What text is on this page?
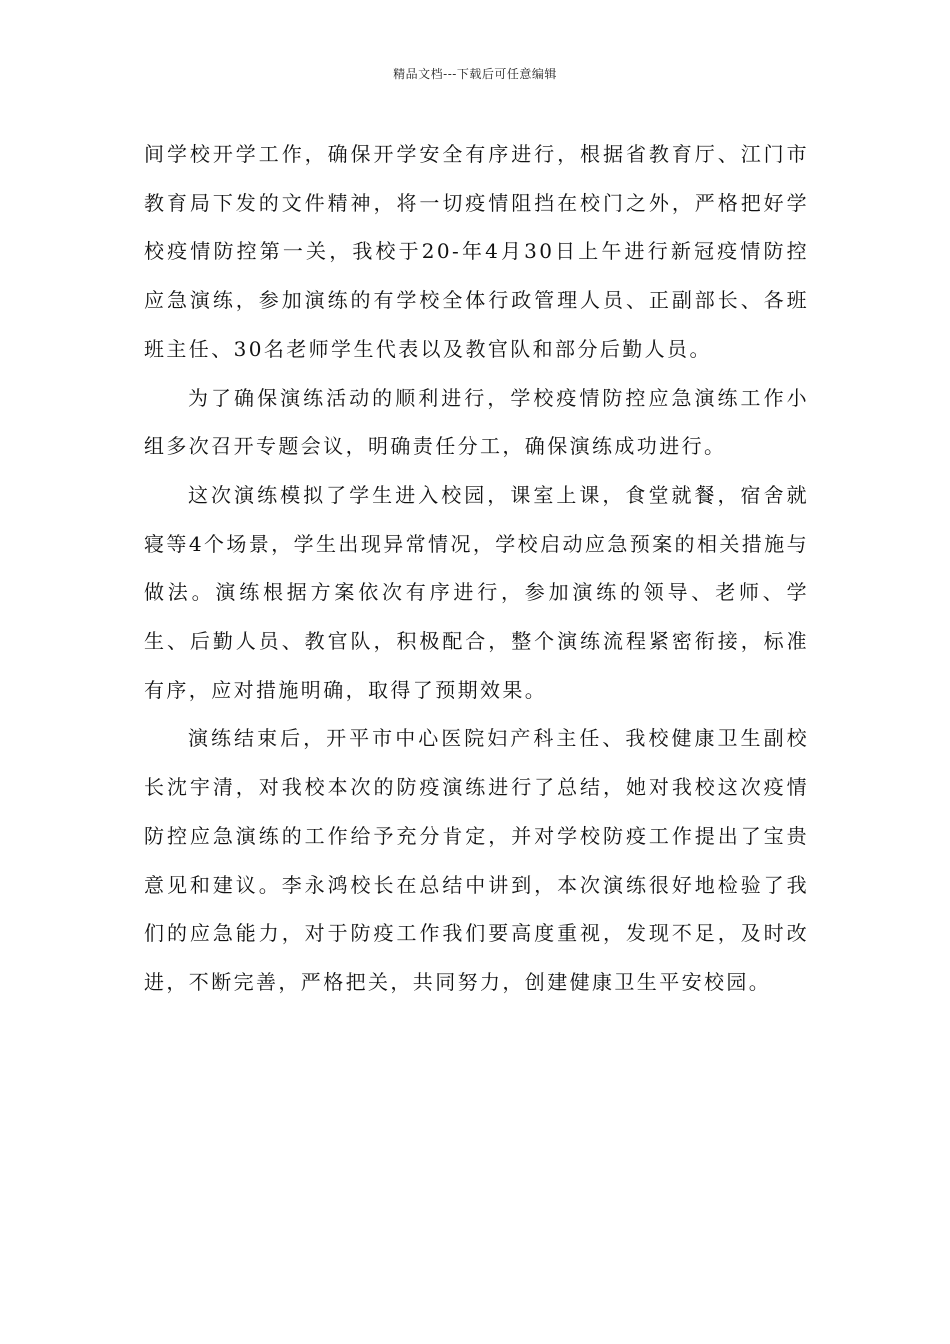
精品文档---下载后可任意编辑

间学校开学工作，确保开学安全有序进行，根据省教育厅、江门市教育局下发的文件精神，将一切疫情阻挡在校门之外，严格把好学校疫情防控第一关，我校于20-年4月30日上午进行新冠疫情防控应急演练，参加演练的有学校全体行政管理人员、正副部长、各班班主任、30名老师学生代表以及教官队和部分后勤人员。

为了确保演练活动的顺利进行，学校疫情防控应急演练工作小组多次召开专题会议，明确责任分工，确保演练成功进行。

这次演练模拟了学生进入校园，课室上课，食堂就餐，宿舍就寝等4个场景，学生出现异常情况，学校启动应急预案的相关措施与做法。演练根据方案依次有序进行，参加演练的领导、老师、学生、后勤人员、教官队，积极配合，整个演练流程紧密衔接，标准有序，应对措施明确，取得了预期效果。

演练结束后，开平市中心医院妇产科主任、我校健康卫生副校长沈宇清，对我校本次的防疫演练进行了总结，她对我校这次疫情防控应急演练的工作给予充分肯定，并对学校防疫工作提出了宝贵意见和建议。李永鸿校长在总结中讲到，本次演练很好地检验了我们的应急能力，对于防疫工作我们要高度重视，发现不足，及时改进，不断完善，严格把关，共同努力，创建健康卫生平安校园。
